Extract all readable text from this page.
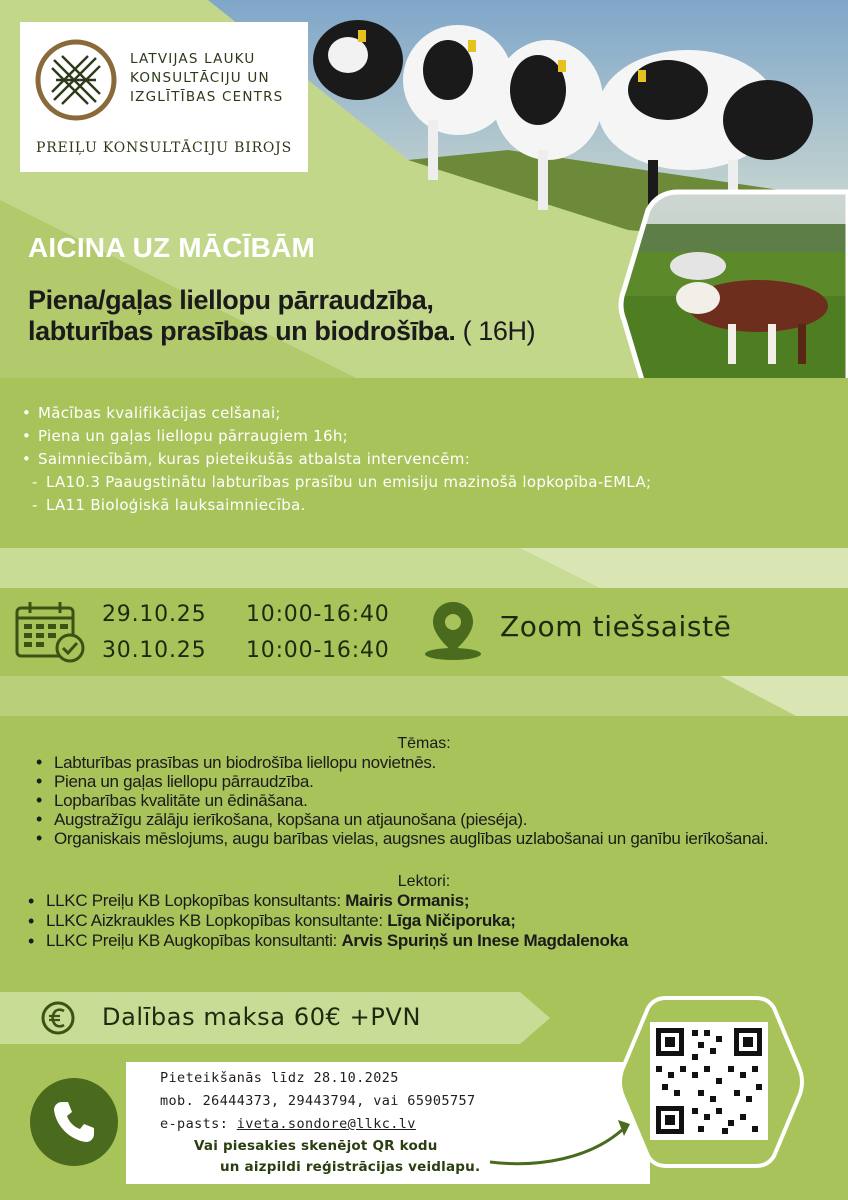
LATVIJAS LAUKU
KONSULTĀCIJU UN
IZGLĪTĪBAS CENTRS
PREIĻU KONSULTĀCIJU BIROJS
AICINA UZ MĀCĪBĀM
Piena/gaļas liellopu pārraudzība,
labturības prasības un biodrošība. ( 16H)
• Mācības kvalifikācijas celšanai;
• Piena un gaļas liellopu pārraugiem 16h;
• Saimniecībām, kuras pieteikušās atbalsta intervencēm:
- LA10.3 Paaugstinātu labturības prasību un emisiju mazinošā lopkopība-EMLA;
- LA11 Bioloģiskā lauksaimniecība.
29.10.25 10:00-16:40
30.10.25 10:00-16:40
Zoom tiešsaistē
Tēmas:
• Labturības prasības un biodrošība liellopu novietnēs.
• Piena un gaļas liellopu pārraudzība.
• Lopbarības kvalitāte un ēdināšana.
• Augstražīgu zālāju ierīkošana, kopšana un atjaunošana (pieséja).
• Organiskais mēslojums, augu barības vielas, augsnes auglības uzlabošanai un ganību ierīkošanai.
Lektori:
• LLKC Preiļu KB Lopkopības konsultants: Mairis Ormanis;
• LLKC Aizkraukles KB Lopkopības konsultante: Līga Ničiporuka;
• LLKC Preiļu KB Augkopības konsultanti: Arvis Spuriņš un Inese Magdalenoka
Dalības maksa 60€ +PVN
Pieteikšanās līdz 28.10.2025
mob. 26444373, 29443794, vai 65905757
e-pasts: iveta.sondore@llkc.lv
Vai piesakies skenējot QR kodu
un aizpildi reģistrācijas veidlapu.
